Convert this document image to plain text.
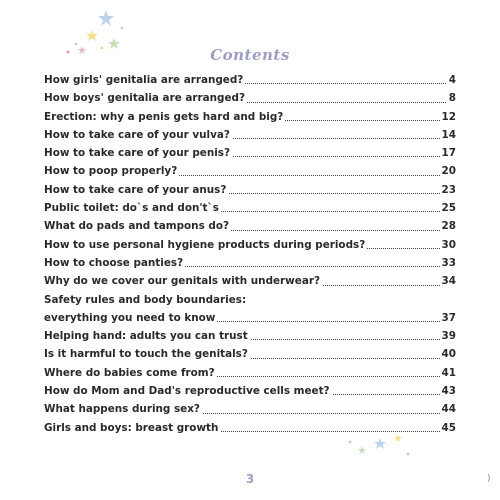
Contents
How girls' genitalia are arranged?	4
How boys' genitalia are arranged?	8
Erection: why a penis gets hard and big?	12
How to take care of your vulva?	14
How to take care of your penis?	17
How to poop properly?	20
How to take care of your anus?	23
Public toilet: do`s and don't`s	25
What do pads and tampons do?	28
How to use personal hygiene products during periods?	30
How to choose panties?	33
Why do we cover our genitals with underwear?	34
Safety rules and body boundaries:
everything you need to know	37
Helping hand: adults you can trust	39
Is it harmful to touch the genitals?	40
Where do babies come from?	41
How do Mom and Dad's reproductive cells meet?	43
What happens during sex?	44
Girls and boys: breast growth	45
3	)
